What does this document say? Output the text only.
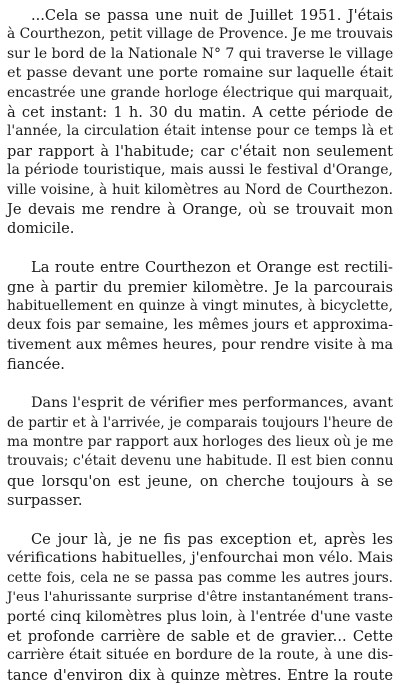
...Cela se passa une nuit de Juillet 1951. J'étais
à Courthezon, petit village de Provence. Je me trouvais
sur le bord de la Nationale N° 7 qui traverse le village
et passe devant une porte romaine sur laquelle était
encastrée une grande horloge électrique qui marquait,
à cet instant: 1 h. 30 du matin. A cette période de
l'année, la circulation était intense pour ce temps là et
par rapport à l'habitude; car c'était non seulement
la période touristique, mais aussi le festival d'Orange,
ville voisine, à huit kilomètres au Nord de Courthezon.
Je devais me rendre à Orange, où se trouvait mon
domicile.
La route entre Courthezon et Orange est rectili-
gne à partir du premier kilomètre. Je la parcourais
habituellement en quinze à vingt minutes, à bicyclette,
deux fois par semaine, les mêmes jours et approxima-
tivement aux mêmes heures, pour rendre visite à ma
fiancée.
Dans l'esprit de vérifier mes performances, avant
de partir et à l'arrivée, je comparais toujours l'heure de
ma montre par rapport aux horloges des lieux où je me
trouvais; c'était devenu une habitude. Il est bien connu
que lorsqu'on est jeune, on cherche toujours à se
surpasser.
Ce jour là, je ne fis pas exception et, après les
vérifications habituelles, j'enfourchai mon vélo. Mais
cette fois, cela ne se passa pas comme les autres jours.
J'eus l'ahurissante surprise d'être instantanément trans-
porté cinq kilomètres plus loin, à l'entrée d'une vaste
et profonde carrière de sable et de gravier... Cette
carrière était située en bordure de la route, à une dis-
tance d'environ dix à quinze mètres. Entre la route
